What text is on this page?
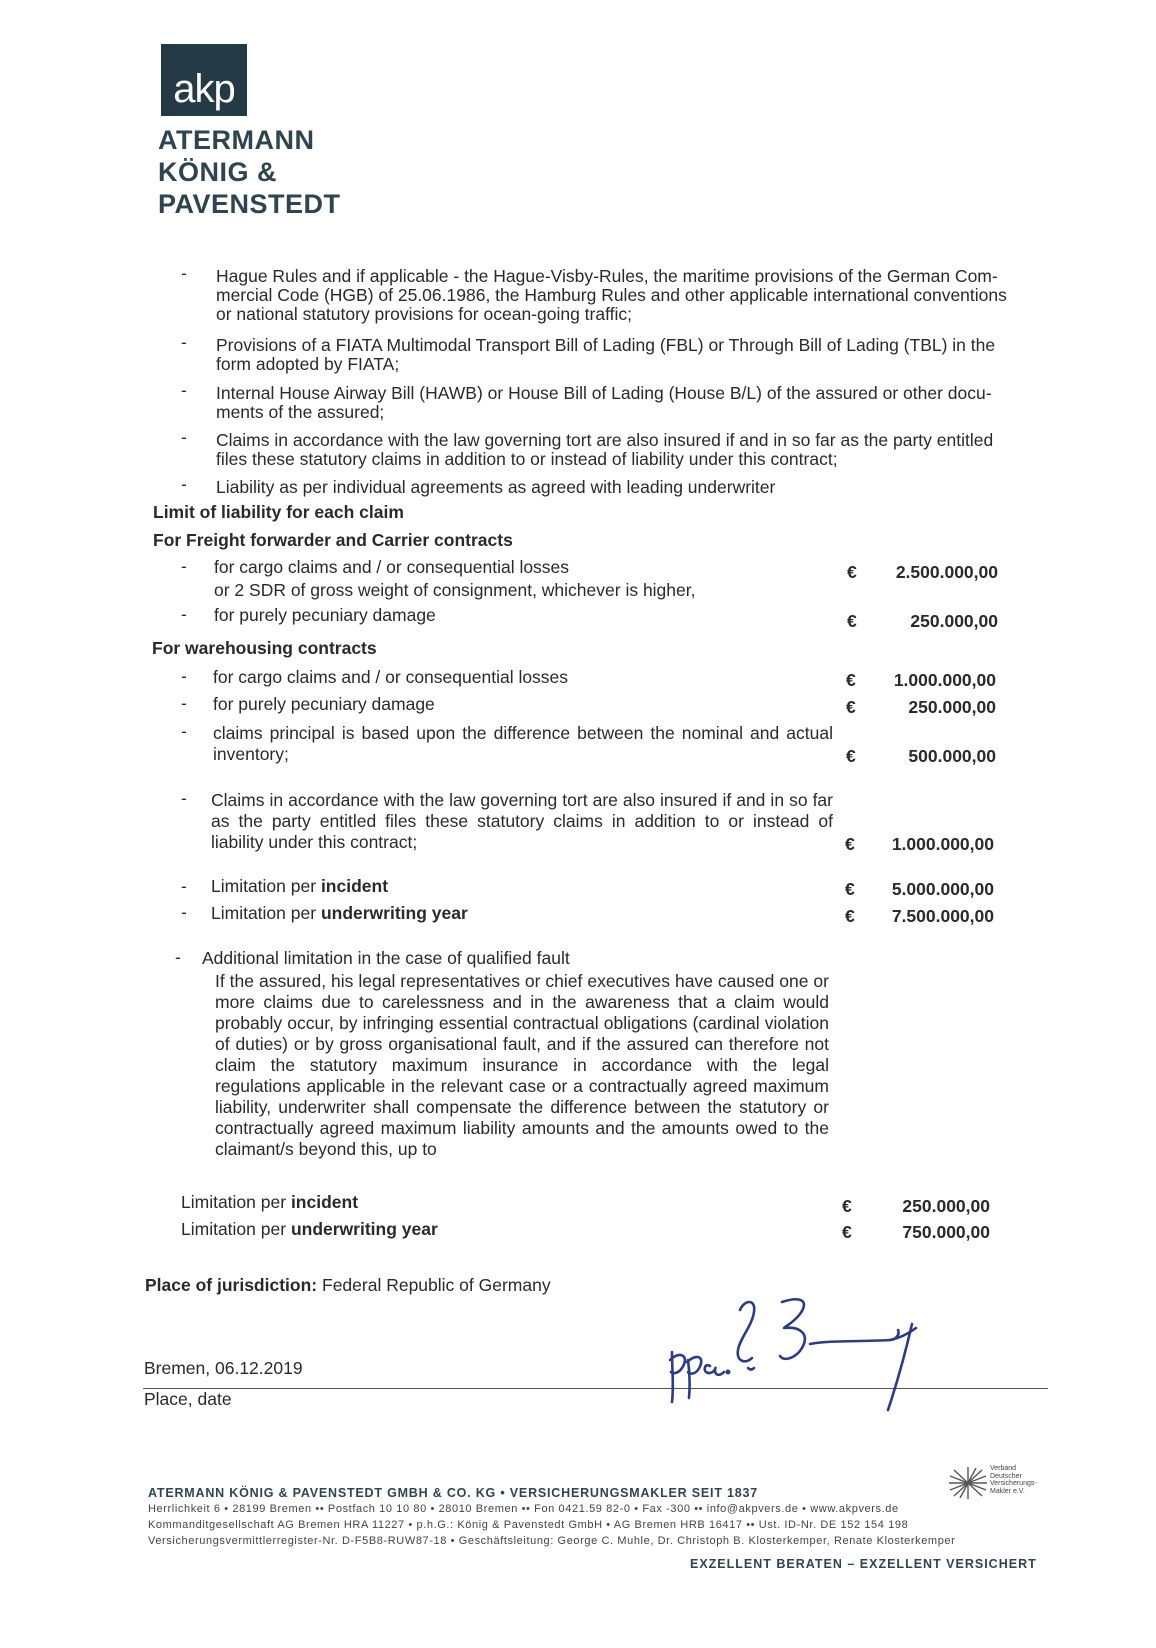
akp
ATERMANN
KÖNIG &
PAVENSTEDT
- Hague Rules and if applicable - the Hague-Visby-Rules, the maritime provisions of the German Com-
mercial Code (HGB) of 25.06.1986, the Hamburg Rules and other applicable international conventions
or national statutory provisions for ocean-going traffic;
- Provisions of a FIATA Multimodal Transport Bill of Lading (FBL) or Through Bill of Lading (TBL) in the
form adopted by FIATA;
- Internal House Airway Bill (HAWB) or House Bill of Lading (House B/L) of the assured or other docu-
ments of the assured;
- Claims in accordance with the law governing tort are also insured if and in so far as the party entitled
files these statutory claims in addition to or instead of liability under this contract;
- Liability as per individual agreements as agreed with leading underwriter
Limit of liability for each claim
For Freight forwarder and Carrier contracts
- for cargo claims and / or consequential losses
or 2 SDR of gross weight of consignment, whichever is higher,
€	2.500.000,00
- for purely pecuniary damage	€	250.000,00
For warehousing contracts
- for cargo claims and / or consequential losses	€	1.000.000,00
- for purely pecuniary damage	€	250.000,00
- claims principal is based upon the difference between the nominal and actual inventory;	€	500.000,00
- Claims in accordance with the law governing tort are also insured if and in so far as the party entitled files these statutory claims in addition to or instead of liability under this contract;	€	1.000.000,00
- Limitation per incident	€	5.000.000,00
- Limitation per underwriting year	€	7.500.000,00
- Additional limitation in the case of qualified fault
If the assured, his legal representatives or chief executives have caused one or more claims due to carelessness and in the awareness that a claim would probably occur, by infringing essential contractual obligations (cardinal violation of duties) or by gross organisational fault, and if the assured can therefore not claim the statutory maximum insurance in accordance with the legal regulations applicable in the relevant case or a contractually agreed maximum liability, underwriter shall compensate the difference between the statutory or contractually agreed maximum liability amounts and the amounts owed to the claimant/s beyond this, up to
Limitation per incident	€	250.000,00
Limitation per underwriting year	€	750.000,00
Place of jurisdiction: Federal Republic of Germany
Bremen, 06.12.2019
Place, date
ATERMANN KÖNIG & PAVENSTEDT GMBH & CO. KG • VERSICHERUNGSMAKLER SEIT 1837
Herrlichkeit 6 • 28199 Bremen •• Postfach 10 10 80 • 28010 Bremen •• Fon 0421.59 82-0 • Fax -300 •• info@akpvers.de • www.akpvers.de
Kommanditgesellschaft AG Bremen HRA 11227 • p.h.G.: König & Pavenstedt GmbH • AG Bremen HRB 16417 •• Ust. ID-Nr. DE 152 154 198
Versicherungsvermittlerregister-Nr. D-F5B8-RUW87-18 • Geschäftsleitung: George C. Muhle, Dr. Christoph B. Klosterkemper, Renate Klosterkemper
EXZELLENT BERATEN – EXZELLENT VERSICHERT
Verband
Deutscher
Versicherungs-
Makler e.V.
